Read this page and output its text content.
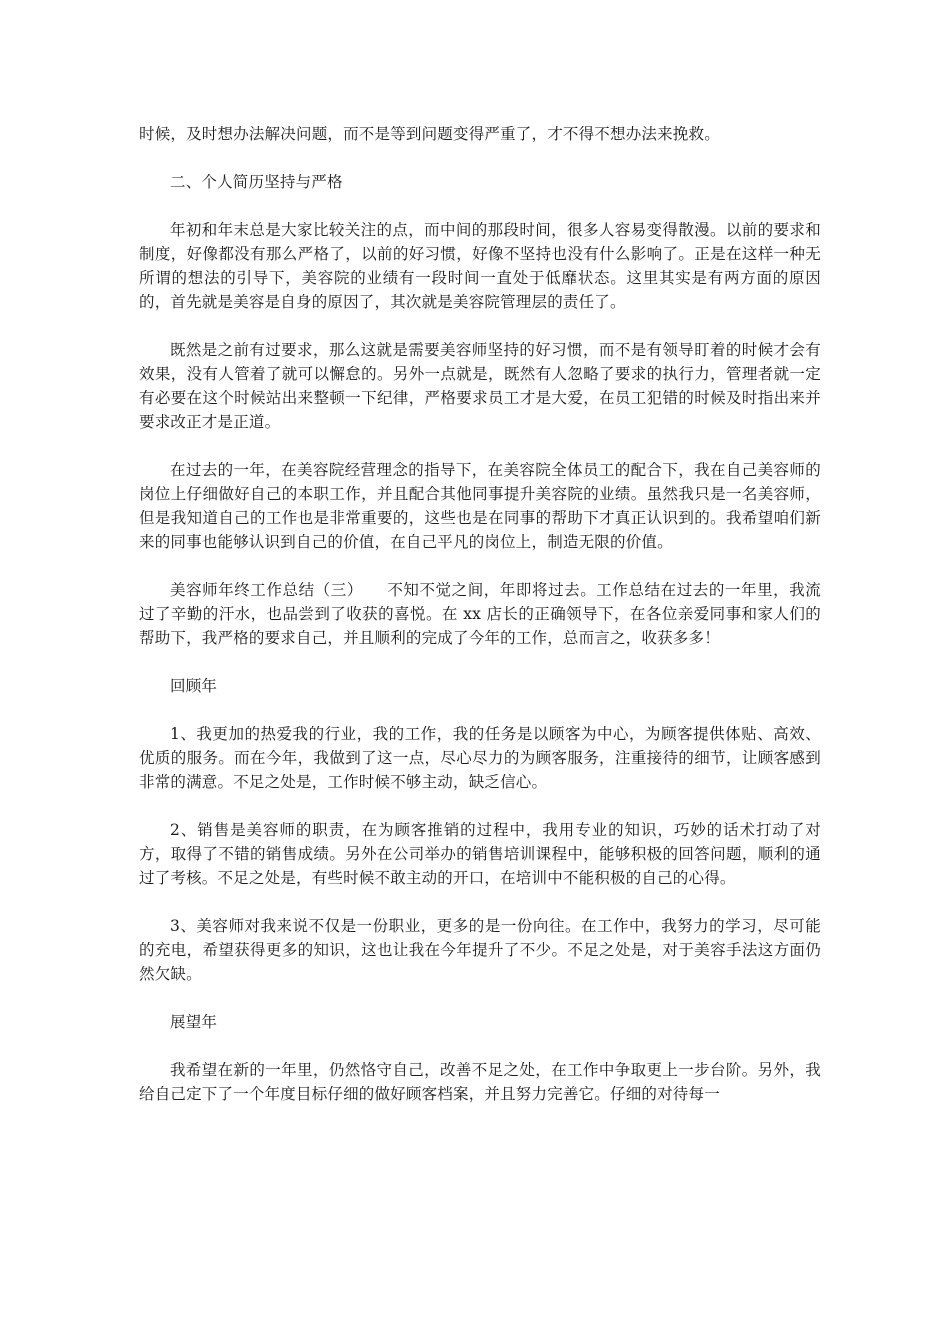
时候，及时想办法解决问题，而不是等到问题变得严重了，才不得不想办法来挽救。

二、个人简历坚持与严格

年初和年末总是大家比较关注的点，而中间的那段时间，很多人容易变得散漫。以前的要求和制度，好像都没有那么严格了，以前的好习惯，好像不坚持也没有什么影响了。正是在这样一种无所谓的想法的引导下，美容院的业绩有一段时间一直处于低靡状态。这里其实是有两方面的原因的，首先就是美容是自身的原因了，其次就是美容院管理层的责任了。

既然是之前有过要求，那么这就是需要美容师坚持的好习惯，而不是有领导盯着的时候才会有效果，没有人管着了就可以懈怠的。另外一点就是，既然有人忽略了要求的执行力，管理者就一定有必要在这个时候站出来整顿一下纪律，严格要求员工才是大爱，在员工犯错的时候及时指出来并要求改正才是正道。

在过去的一年，在美容院经营理念的指导下，在美容院全体员工的配合下，我在自己美容师的岗位上仔细做好自己的本职工作，并且配合其他同事提升美容院的业绩。虽然我只是一名美容师，但是我知道自己的工作也是非常重要的，这些也是在同事的帮助下才真正认识到的。我希望咱们新来的同事也能够认识到自己的价值，在自己平凡的岗位上，制造无限的价值。

美容师年终工作总结（三）　　不知不觉之间，年即将过去。工作总结在过去的一年里，我流过了辛勤的汗水，也品尝到了收获的喜悦。在 xx 店长的正确领导下，在各位亲爱同事和家人们的帮助下，我严格的要求自己，并且顺利的完成了今年的工作，总而言之，收获多多！

回顾年

1、我更加的热爱我的行业，我的工作，我的任务是以顾客为中心，为顾客提供体贴、高效、优质的服务。而在今年，我做到了这一点，尽心尽力的为顾客服务，注重接待的细节，让顾客感到非常的满意。不足之处是，工作时候不够主动，缺乏信心。

2、销售是美容师的职责，在为顾客推销的过程中，我用专业的知识，巧妙的话术打动了对方，取得了不错的销售成绩。另外在公司举办的销售培训课程中，能够积极的回答问题，顺利的通过了考核。不足之处是，有些时候不敢主动的开口，在培训中不能积极的自己的心得。

3、美容师对我来说不仅是一份职业，更多的是一份向往。在工作中，我努力的学习，尽可能的充电，希望获得更多的知识，这也让我在今年提升了不少。不足之处是，对于美容手法这方面仍然欠缺。

展望年

我希望在新的一年里，仍然恪守自己，改善不足之处，在工作中争取更上一步台阶。另外，我给自己定下了一个年度目标仔细的做好顾客档案，并且努力完善它。仔细的对待每一
